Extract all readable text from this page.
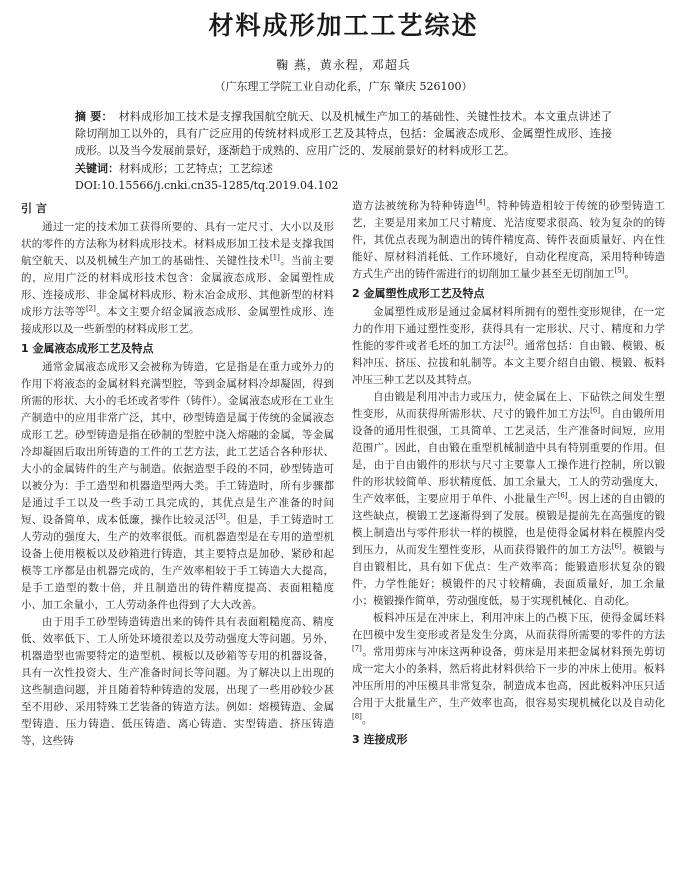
材料成形加工工艺综述
鞠 燕，黄永程，邓超兵
（广东理工学院工业自动化系，广东 肇庆 526100）
摘 要： 材料成形加工技术是支撑我国航空航天、以及机械生产加工的基础性、关键性技术。本文重点讲述了除切削加工以外的，具有广泛应用的传统材料成形工艺及其特点，包括：金属液态成形、金属塑性成形、连接成形。以及当今发展前景好，逐渐趋于成熟的、应用广泛的、发展前景好的材料成形工艺。
关键词：材料成形；工艺特点；工艺综述
DOI:10.15566/j.cnki.cn35-1285/tq.2019.04.102
引 言

通过一定的技术加工获得所要的、具有一定尺寸、大小以及形状的零件的方法称为材料成形技术。材料成形加工技术是支撑我国航空航天、以及机械生产加工的基础性、关键性技术[1]。当前主要的，应用广泛的材料成形技术包含：金属液态成形、金属塑性成形、连接成形、非金属材料成形、粉末冶金成形、其他新型的材料成形方法等等[2]。本文主要介绍金属液态成形、金属塑性成形、连接成形以及一些新型的材料成形工艺。

1 金属液态成形工艺及特点

通常金属液态成形又会被称为铸造，它是指是在重力或外力的作用下将液态的金属材料充满型腔，等到金属材料冷却凝固，得到所需的形状、大小的毛坯或者零件（铸件）。金属液态成形在工业生产制造中的应用非常广泛，其中，砂型铸造是属于传统的金属液态成形工艺。砂型铸造是指在砂制的型腔中浇入熔融的金属，等金属冷却凝固后取出所铸造的工件的工艺方法，此工艺适合各种形状、大小的金属铸件的生产与制造。依据造型手段的不同，砂型铸造可以被分为：手工造型和机器造型两大类。手工铸造时，所有步骤都是通过手工以及一些手动工具完成的，其优点是生产准备的时间短、设备简单、成本低廉，操作比较灵活[3]。但是，手工铸造时工人劳动的强度大，生产的效率很低。而机器造型是在专用的造型机设备上使用模板以及砂箱进行铸造，其主要特点是加砂、紧砂和起模等工序都是由机器完成的，生产效率相较于手工铸造大大提高，是手工造型的数十倍，并且制造出的铸件精度提高、表面粗糙度小、加工余量小，工人劳动条件也得到了大大改善。

由于用手工砂型铸造铸造出来的铸件具有表面粗糙度高、精度低、效率低下、工人所处环境很差以及劳动强度大等问题。另外，机器造型也需要特定的造型机、模板以及砂箱等专用的机器设备，具有一次性投资大、生产准备时间长等问题。为了解决以上出现的这些制造问题，并且随着特种铸造的发展，出现了一些用砂较少甚至不用砂、采用特殊工艺装备的铸造方法。例如：熔模铸造、金属型铸造、压力铸造、低压铸造、离心铸造、实型铸造、挤压铸造等，这些铸

造方法被统称为特种铸造[4]。特种铸造相较于传统的砂型铸造工艺，主要是用来加工尺寸精度、光洁度要求很高、较为复杂的的铸件，其优点表现为制造出的铸件精度高、铸件表面质量好、内在性能好、原材料消耗低、工作环境好，自动化程度高，采用特种铸造方式生产出的铸件需进行的切削加工量少甚至无切削加工[5]。

2 金属塑性成形工艺及特点

金属塑性成形是通过金属材料所拥有的塑性变形规律，在一定力的作用下通过塑性变形，获得具有一定形状、尺寸、精度和力学性能的零件或者毛坯的加工方法[2]。通常包括：自由锻、模锻、板料冲压、挤压、拉拔和轧制等。本文主要介绍自由锻、模锻、板料冲压三种工艺以及其特点。

自由锻是利用冲击力或压力，使金属在上、下砧铁之间发生塑性变形，从而获得所需形状、尺寸的锻件加工方法[6]。自由锻所用设备的通用性很强，工具简单、工艺灵活，生产准备时间短，应用范围广。因此，自由锻在重型机械制造中具有特别重要的作用。但是，由于自由锻件的形状与尺寸主要靠人工操作进行控制，所以锻件的形状较简单、形状精度低、加工余量大，工人的劳动强度大，生产效率低，主要应用于单件、小批量生产[6]。因上述的自由锻的这些缺点，模锻工艺逐渐得到了发展。模锻是提前先在高强度的锻模上制造出与零件形状一样的模膛，也是使得金属材料在模膛内受到压力，从而发生塑性变形，从而获得锻件的加工方法[6]。模锻与自由锻相比，具有如下优点：生产效率高；能锻造形状复杂的锻件，力学性能好；模锻件的尺寸较精确，表面质量好，加工余量小；模锻操作简单，劳动强度低，易于实现机械化、自动化。

板料冲压是在冲床上，利用冲床上的凸模下压，使得金属坯料在凹模中发生变形或者是发生分离，从而获得所需要的零件的方法[7]。常用剪床与冲床这两种设备，剪床是用来把金属材料预先剪切成一定大小的条料，然后将此材料供给下一步的冲床上使用。板料冲压所用的冲压模具非常复杂，制造成本也高，因此板料冲压只适合用于大批量生产，生产效率也高，很容易实现机械化以及自动化[8]。

3 连接成形
